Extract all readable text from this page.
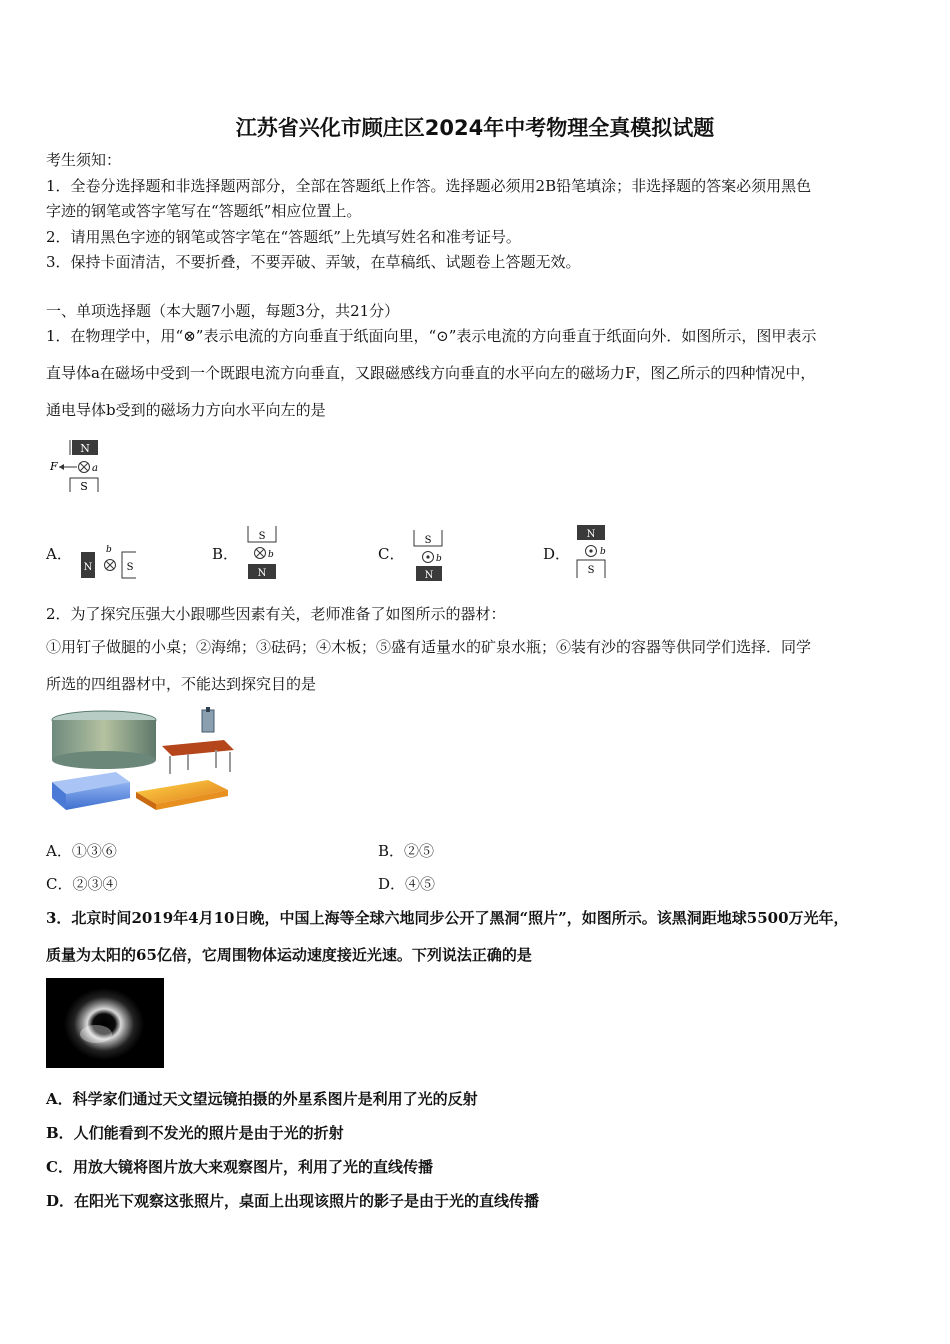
江苏省兴化市顾庄区2024年中考物理全真模拟试题
考生须知：
1．全卷分选择题和非选择题两部分，全部在答题纸上作答。选择题必须用2B铅笔填涂；非选择题的答案必须用黑色
字迹的钢笔或答字笔写在“答题纸”相应位置上。
2．请用黑色字迹的钢笔或答字笔在“答题纸”上先填写姓名和准考证号。
3．保持卡面清洁，不要折叠，不要弄破、弄皱，在草稿纸、试题卷上答题无效。
一、单项选择题（本大题7小题，每题3分，共21分）
1．在物理学中，用“⊗”表示电流的方向垂直于纸面向里，“⊙”表示电流的方向垂直于纸面向外．如图所示，图甲表示
直导体a在磁场中受到一个既跟电流方向垂直，又跟磁感线方向垂直的水平向左的磁场力F，图乙所示的四种情况中，
通电导体b受到的磁场力方向水平向左的是
N
F	a
S
A．
N
b
S
B．
S
b
N
C．
S
b
N
D．
N
b
S
2．为了探究压强大小跟哪些因素有关，老师准备了如图所示的器材：
①用钉子做腿的小桌；②海绵；③砝码；④木板；⑤盛有适量水的矿泉水瓶；⑥装有沙的容器等供同学们选择．同学
所选的四组器材中，不能达到探究目的是
A．①③⑥	B．②⑤
C．②③④	D．④⑤
3．北京时间2019年4月10日晚，中国上海等全球六地同步公开了黑洞“照片”，如图所示。该黑洞距地球5500万光年，
质量为太阳的65亿倍，它周围物体运动速度接近光速。下列说法正确的是
A．科学家们通过天文望远镜拍摄的外星系图片是利用了光的反射
B．人们能看到不发光的照片是由于光的折射
C．用放大镜将图片放大来观察图片，利用了光的直线传播
D．在阳光下观察这张照片，桌面上出现该照片的影子是由于光的直线传播
